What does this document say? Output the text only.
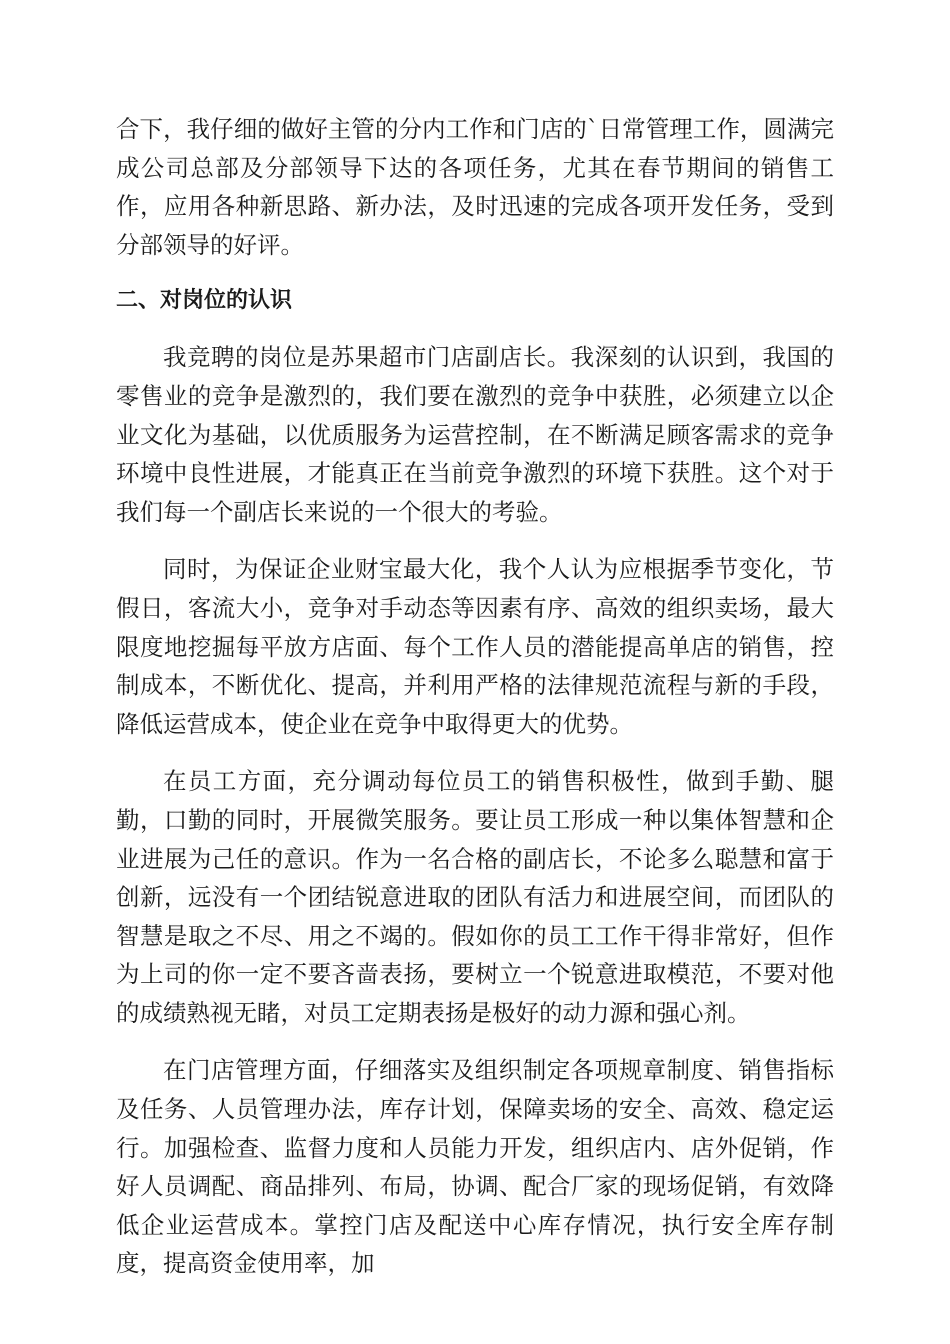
合下，我仔细的做好主管的分内工作和门店的`日常管理工作，圆满完成公司总部及分部领导下达的各项任务，尤其在春节期间的销售工作，应用各种新思路、新办法，及时迅速的完成各项开发任务，受到分部领导的好评。

二、对岗位的认识

我竞聘的岗位是苏果超市门店副店长。我深刻的认识到，我国的零售业的竞争是激烈的，我们要在激烈的竞争中获胜，必须建立以企业文化为基础，以优质服务为运营控制，在不断满足顾客需求的竞争环境中良性进展，才能真正在当前竞争激烈的环境下获胜。这个对于我们每一个副店长来说的一个很大的考验。

同时，为保证企业财宝最大化，我个人认为应根据季节变化，节假日，客流大小，竞争对手动态等因素有序、高效的组织卖场，最大限度地挖掘每平放方店面、每个工作人员的潜能提高单店的销售，控制成本，不断优化、提高，并利用严格的法律规范流程与新的手段，降低运营成本，使企业在竞争中取得更大的优势。

在员工方面，充分调动每位员工的销售积极性，做到手勤、腿勤，口勤的同时，开展微笑服务。要让员工形成一种以集体智慧和企业进展为己任的意识。作为一名合格的副店长，不论多么聪慧和富于创新，远没有一个团结锐意进取的团队有活力和进展空间，而团队的智慧是取之不尽、用之不竭的。假如你的员工工作干得非常好，但作为上司的你一定不要吝啬表扬，要树立一个锐意进取模范，不要对他的成绩熟视无睹，对员工定期表扬是极好的动力源和强心剂。

在门店管理方面，仔细落实及组织制定各项规章制度、销售指标及任务、人员管理办法，库存计划，保障卖场的安全、高效、稳定运行。加强检查、监督力度和人员能力开发，组织店内、店外促销，作好人员调配、商品排列、布局，协调、配合厂家的现场促销，有效降低企业运营成本。掌控门店及配送中心库存情况，执行安全库存制度，提高资金使用率，加
